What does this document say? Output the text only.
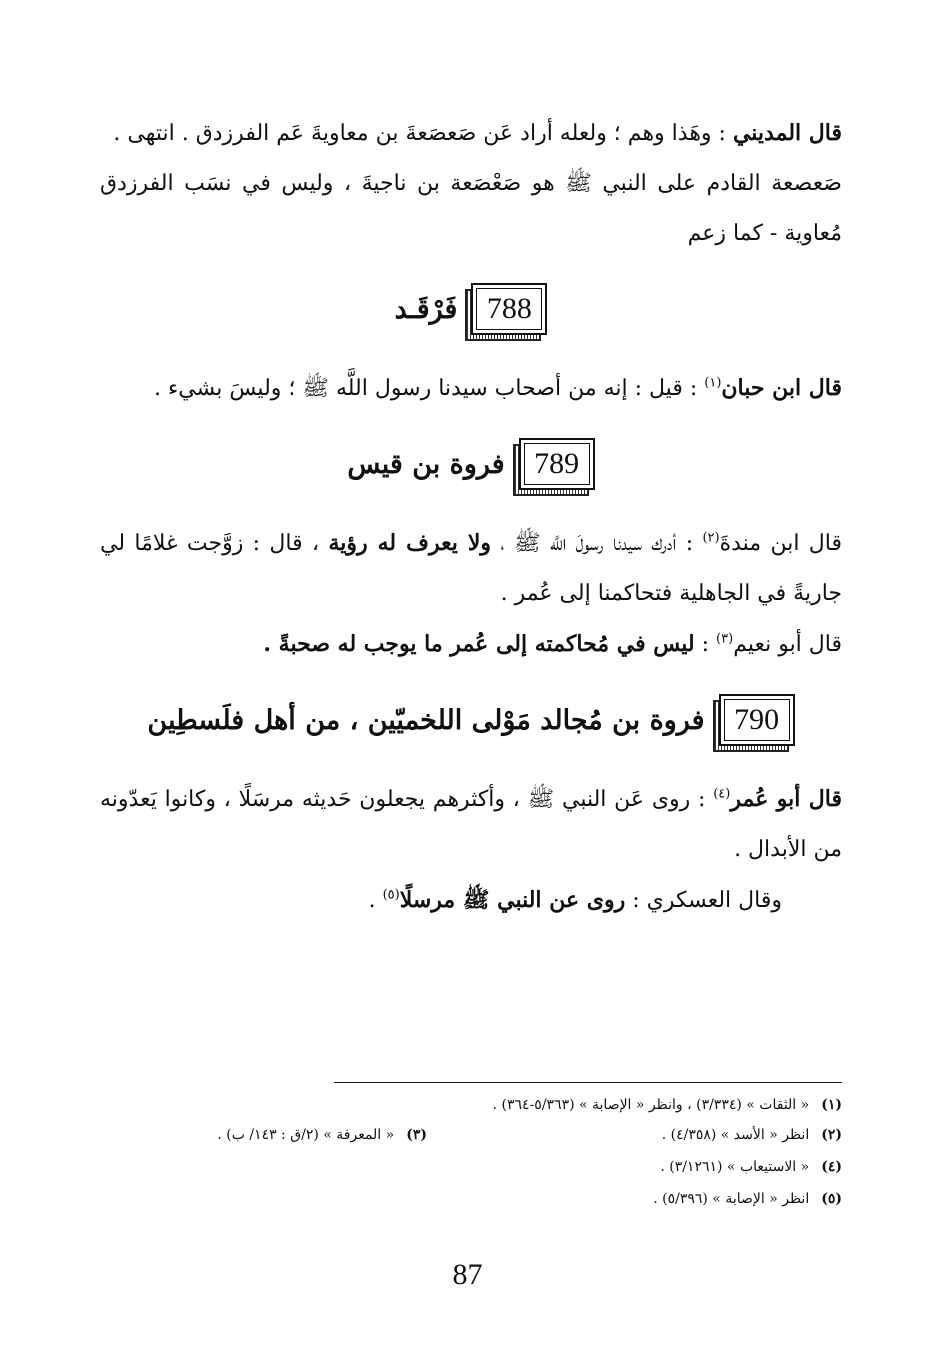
قال المديني : وهَذا وهم ؛ ولعله أراد عَن صَعصَعةَ بن معاويةَ عَم الفرزدق . انتهى .

صَعصعة القادم على النبي ﷺ هو صَعْصَعة بن ناجيةَ ، وليس في نسَب الفرزدق مُعاوية - كما زعم

788
فَرْقَـد

قال ابن حبان$^{(١)}$ : قيل : إنه من أصحاب سيدنا رسول اللَّه ﷺ ؛ وليسَ بشيء .

789
فروة بن قيس

قال ابن مندةَ$^{(٢)}$ : أدرك سيدنا رسولَ اللَّه ﷺ ، ولا يعرف له رؤية ، قال : زوَّجت غلامًا لي جاريةً في الجاهلية فتحاكمنا إلى عُمر .

قال أبو نعيم$^{(٣)}$ : ليس في مُحاكمته إلى عُمر ما يوجب له صحبةً .

790
فروة بن مُجالد مَوْلى اللخميّين ، من أهل فلَسطِين

قال أبو عُمر$^{(٤)}$ : روى عَن النبي ﷺ ، وأكثرهم يجعلون حَديثه مرسَلًا ، وكانوا يَعدّونه من الأبدال .

وقال العسكري : روى عن النبي ﷺ مرسلًا$^{(٥)}$ .

(١)« الثقات » (٣/٣٣٤) ، وانظر « الإصابة » (٥/٣٦٣-٣٦٤) .
(٢)انظر « الأسد » (٤/٣٥٨) .
(٣)« المعرفة » (٢/ق : ١٤٣/ ب) .
(٤)« الاستيعاب » (٣/١٢٦١) .
(٥)انظر « الإصابة » (٥/٣٩٦) .
87
